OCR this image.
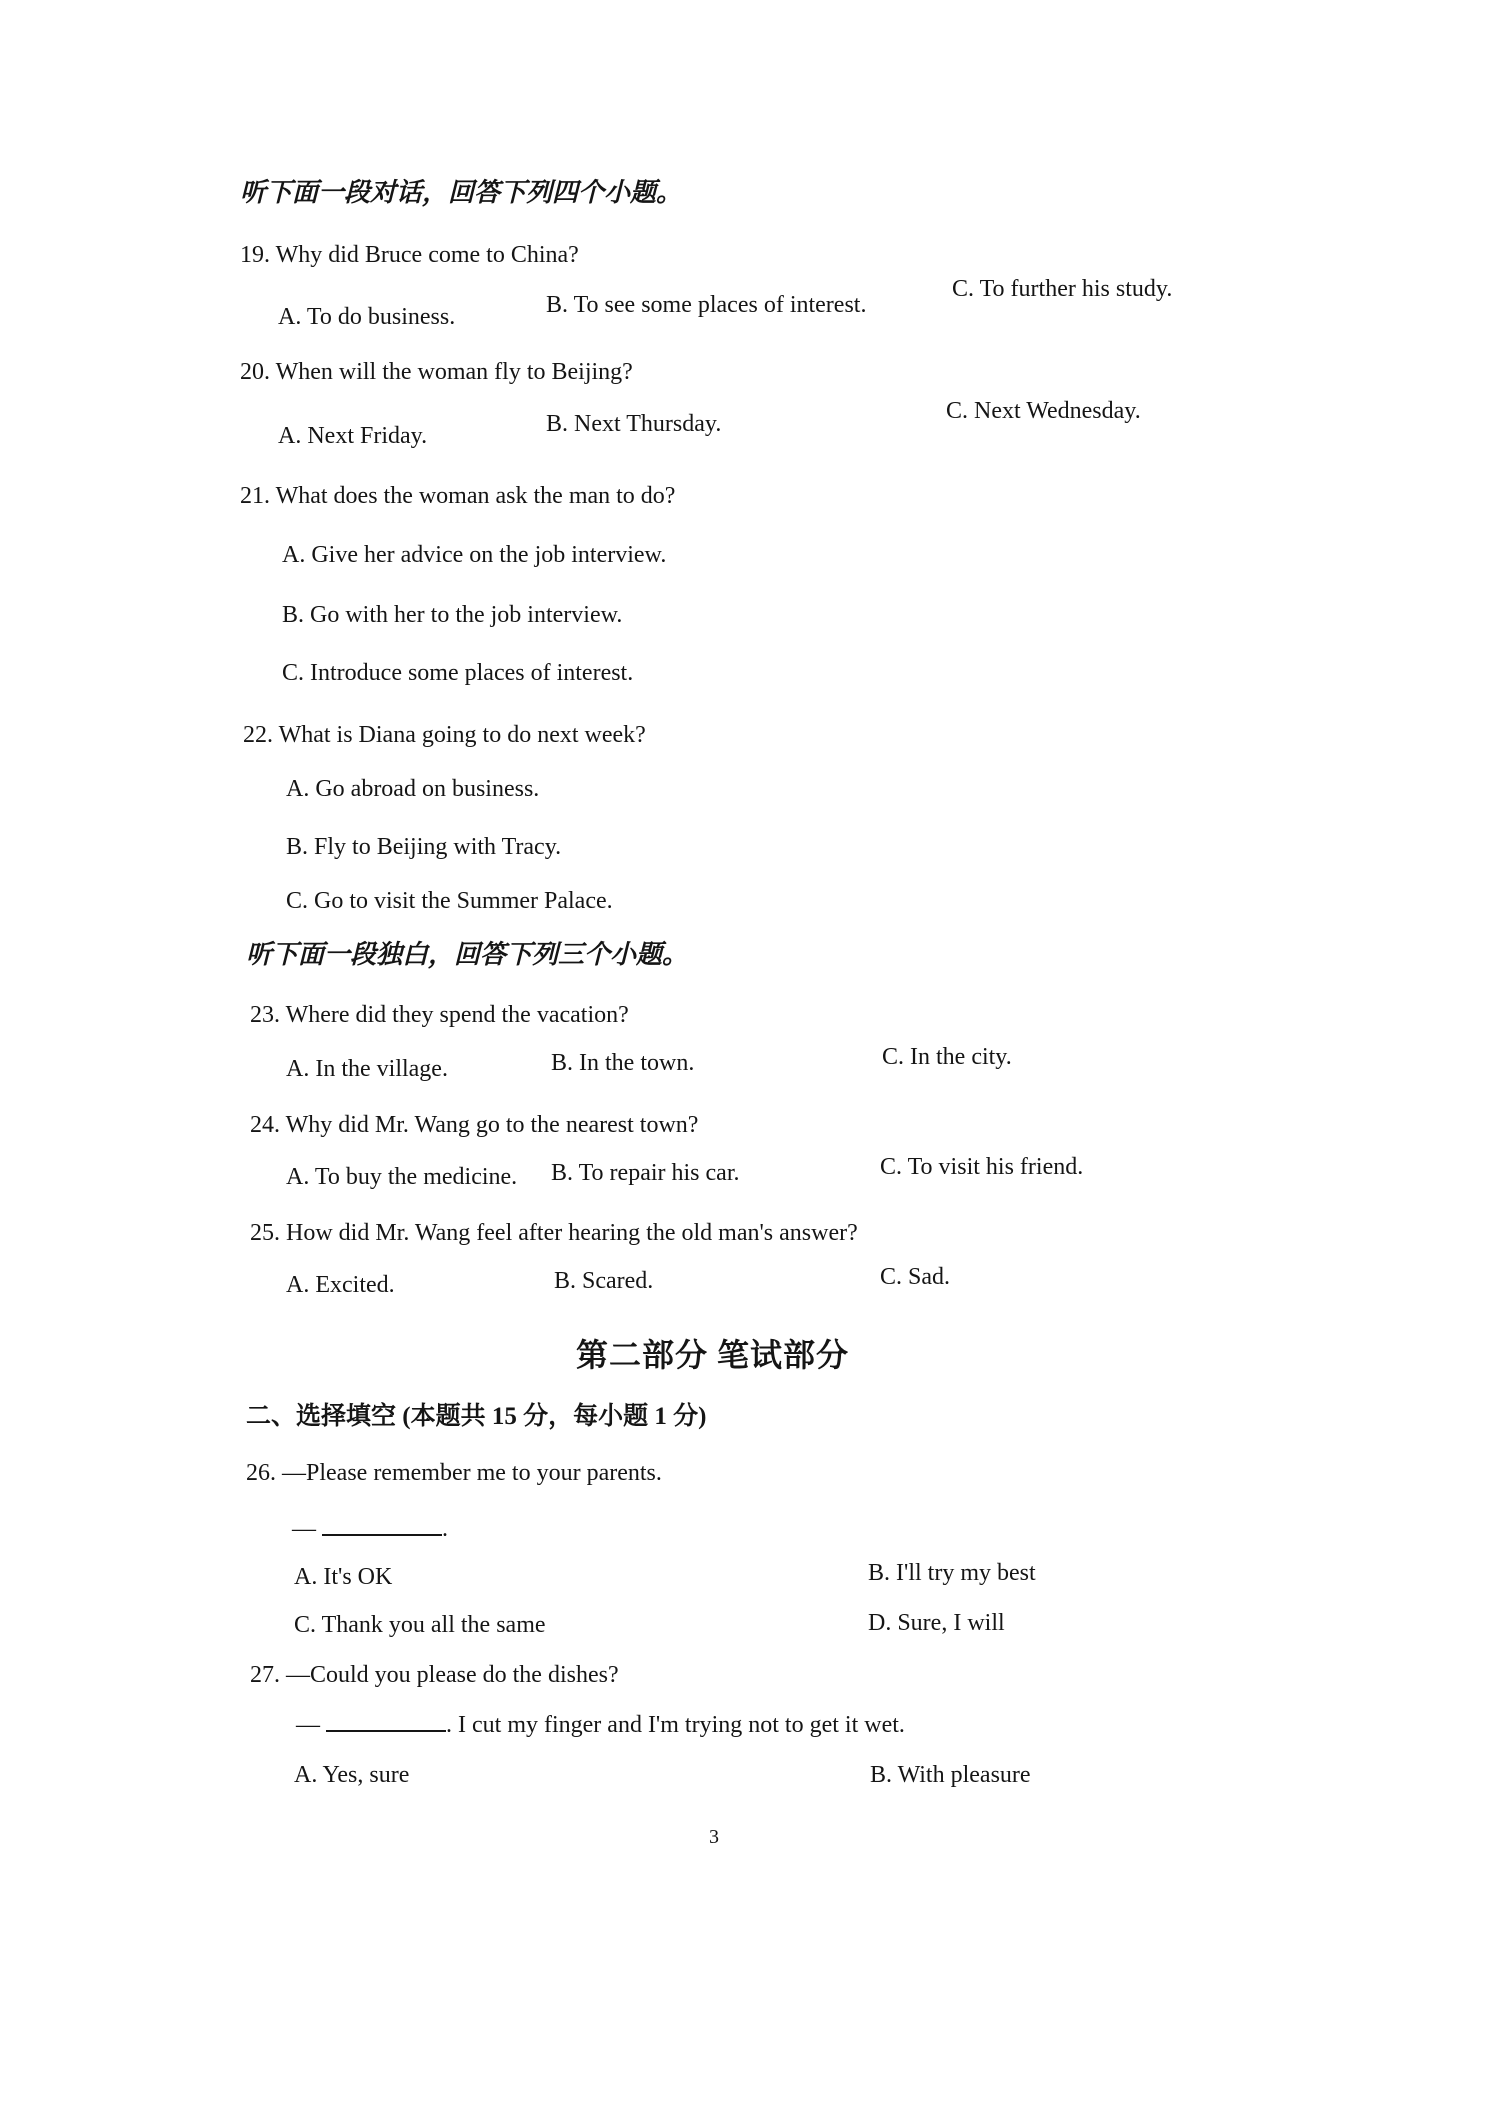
听下面一段对话，回答下列四个小题。
19. Why did Bruce come to China?
A. To do business.	B. To see some places of interest.
C. To further his study.
20. When will the woman fly to Beijing?
A. Next Friday.	B. Next Thursday.	C. Next Wednesday.
21. What does the woman ask the man to do?
A. Give her advice on the job interview.
B. Go with her to the job interview.
C. Introduce some places of interest.
22. What is Diana going to do next week?
A. Go abroad on business.
B. Fly to Beijing with Tracy.
C. Go to visit the Summer Palace.
听下面一段独白，回答下列三个小题。
23. Where did they spend the vacation?
A. In the village.	B. In the town.	C. In the city.
24. Why did Mr. Wang go to the nearest town?
A. To buy the medicine. B. To repair his car.	C. To visit his friend.
25. How did Mr. Wang feel after hearing the old man's answer?
A. Excited.	B. Scared.	C. Sad.
第二部分 笔试部分
二、选择填空 (本题共 15 分，每小题 1 分)
26. —Please remember me to your parents.
—	.
A. It's OK	B. I'll try my best
C. Thank you all the same	D. Sure, I will
27. —Could you please do the dishes?
—	. I cut my finger and I'm trying not to get it wet.
A. Yes, sure	B. With pleasure
3
